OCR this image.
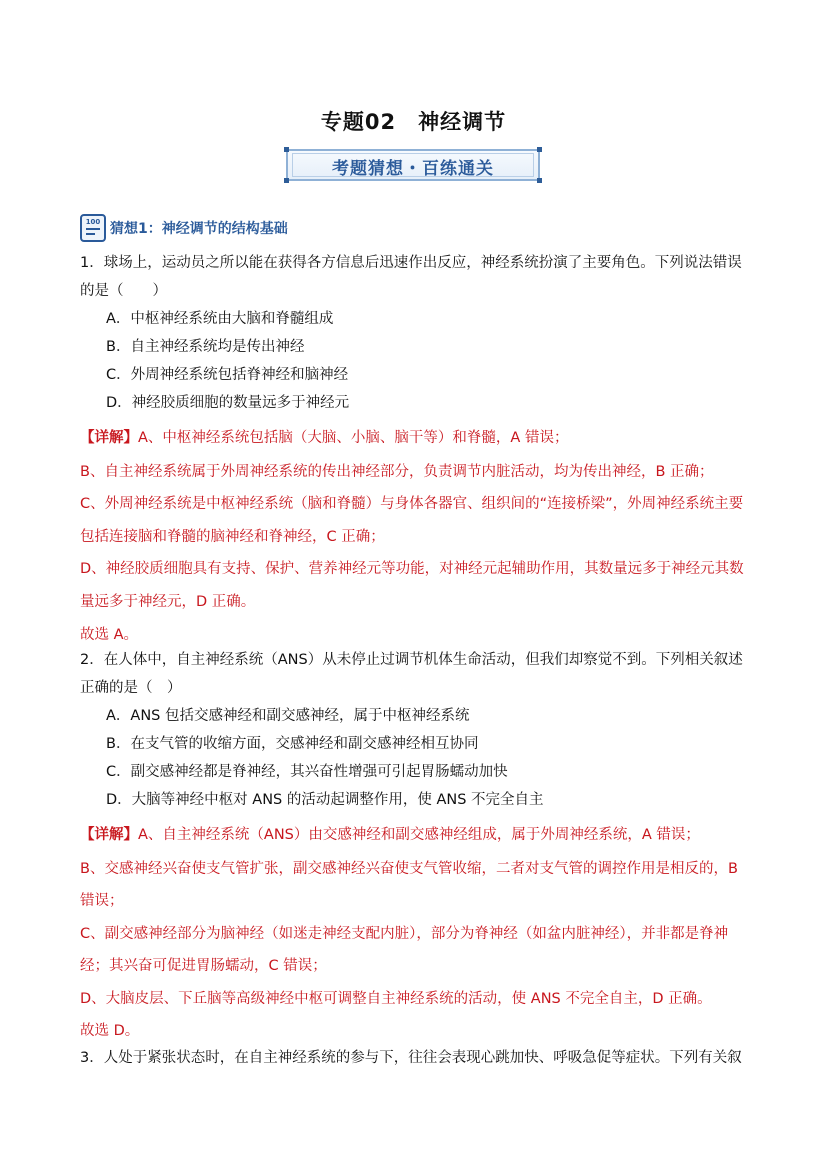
专题02　神经调节
考题猜想・百练通关
100 猜想1：神经调节的结构基础
1．球场上，运动员之所以能在获得各方信息后迅速作出反应，神经系统扮演了主要角色。下列说法错误
的是（　　）
A．中枢神经系统由大脑和脊髓组成
B．自主神经系统均是传出神经
C．外周神经系统包括脊神经和脑神经
D．神经胶质细胞的数量远多于神经元
【详解】A、中枢神经系统包括脑（大脑、小脑、脑干等）和脊髓，A 错误；
B、自主神经系统属于外周神经系统的传出神经部分，负责调节内脏活动，均为传出神经，B 正确；
C、外周神经系统是中枢神经系统（脑和脊髓）与身体各器官、组织间的“连接桥梁”，外周神经系统主要
包括连接脑和脊髓的脑神经和脊神经，C 正确；
D、神经胶质细胞具有支持、保护、营养神经元等功能，对神经元起辅助作用，其数量远多于神经元其数
量远多于神经元，D 正确。
故选 A。
2．在人体中，自主神经系统（ANS）从未停止过调节机体生命活动，但我们却察觉不到。下列相关叙述
正确的是（　）
A．ANS 包括交感神经和副交感神经，属于中枢神经系统
B．在支气管的收缩方面，交感神经和副交感神经相互协同
C．副交感神经都是脊神经，其兴奋性增强可引起胃肠蠕动加快
D．大脑等神经中枢对 ANS 的活动起调整作用，使 ANS 不完全自主
【详解】A、自主神经系统（ANS）由交感神经和副交感神经组成，属于外周神经系统，A 错误；
B、交感神经兴奋使支气管扩张，副交感神经兴奋使支气管收缩，二者对支气管的调控作用是相反的，B
错误；
C、副交感神经部分为脑神经（如迷走神经支配内脏），部分为脊神经（如盆内脏神经），并非都是脊神
经；其兴奋可促进胃肠蠕动，C 错误；
D、大脑皮层、下丘脑等高级神经中枢可调整自主神经系统的活动，使 ANS 不完全自主，D 正确。
故选 D。
3．人处于紧张状态时，在自主神经系统的参与下，往往会表现心跳加快、呼吸急促等症状。下列有关叙
